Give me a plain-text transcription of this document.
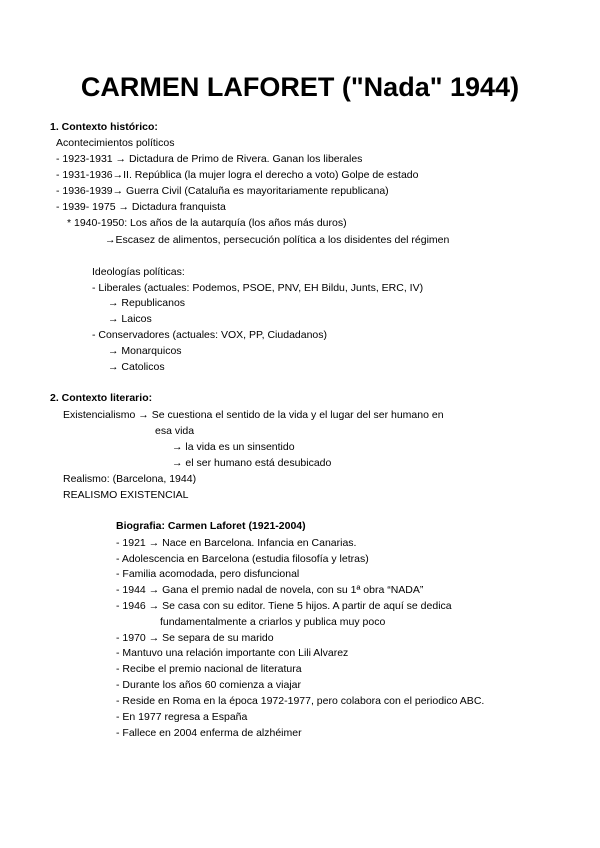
CARMEN LAFORET ("Nada" 1944)
1. Contexto histórico:
Acontecimientos políticos
- 1923-1931 → Dictadura de Primo de Rivera. Ganan los liberales
- 1931-1936→II. República (la mujer logra el derecho a voto) Golpe de estado
- 1936-1939→ Guerra Civil (Cataluña es mayoritariamente republicana)
- 1939- 1975 → Dictadura franquista
* 1940-1950: Los años de la autarquía (los años más duros)
→Escasez de alimentos, persecución política a los disidentes del régimen
Ideologías políticas:
- Liberales (actuales: Podemos, PSOE, PNV, EH Bildu, Junts, ERC, IV)
→ Republicanos
→ Laicos
- Conservadores (actuales: VOX, PP, Ciudadanos)
→ Monarquicos
→ Catolicos
2. Contexto literario:
Existencialismo → Se cuestiona el sentido de la vida y el lugar del ser humano en
esa vida
→ la vida es un sinsentido
→ el ser humano está desubicado
Realismo: (Barcelona, 1944)
REALISMO EXISTENCIAL
Biografia: Carmen Laforet (1921-2004)
- 1921 → Nace en Barcelona. Infancia en Canarias.
- Adolescencia en Barcelona (estudia filosofía y letras)
- Familia acomodada, pero disfuncional
- 1944 → Gana el premio nadal de novela, con su 1ª obra “NADA”
- 1946 → Se casa con su editor. Tiene 5 hijos. A partir de aquí se dedica
fundamentalmente a criarlos y publica muy poco
- 1970 → Se separa de su marido
- Mantuvo una relación importante con Lili Alvarez
- Recibe el premio nacional de literatura
- Durante los años 60 comienza a viajar
- Reside en Roma en la época 1972-1977, pero colabora con el periodico ABC.
- En 1977 regresa a España
- Fallece en 2004 enferma de alzhéimer
